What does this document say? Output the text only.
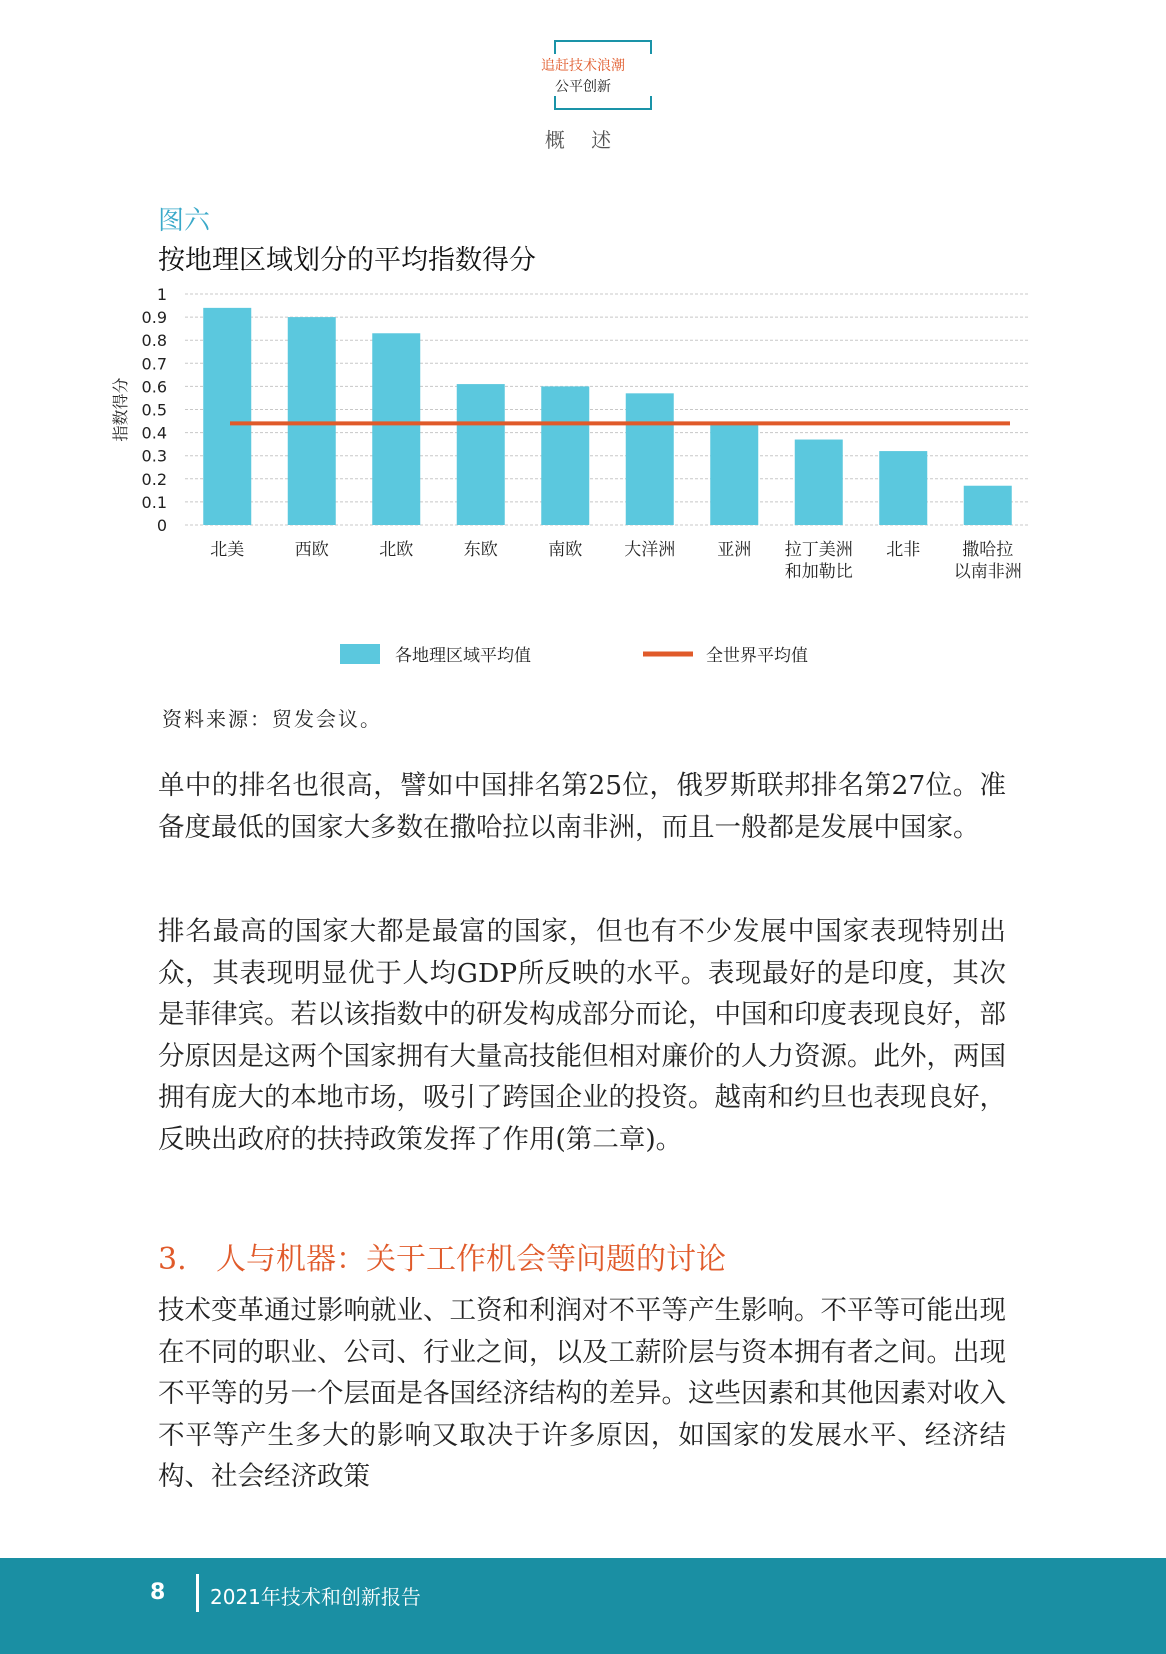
追赶技术浪潮
公平创新
概 述
图六
按地理区域划分的平均指数得分
0
0.1
0.2
0.3
0.4
0.5
0.6
0.7
0.8
0.9
1
指数得分
北美	西欧	北欧	东欧	南欧 大洋洲 亚洲 拉丁美洲
和加勒比
北非 撒哈拉
以南非洲
各地理区域平均值	全世界平均值
资料来源：贸发会议。
单中的排名也很高，譬如中国排名第25位，俄罗斯联邦排名第27位。准备度最低的国家大多数在撒哈拉以南非洲，而且一般都是发展中国家。
排名最高的国家大都是最富的国家，但也有不少发展中国家表现特别出众，其表现明显优于人均GDP所反映的水平。表现最好的是印度，其次是菲律宾。若以该指数中的研发构成部分而论，中国和印度表现良好，部分原因是这两个国家拥有大量高技能但相对廉价的人力资源。此外，两国拥有庞大的本地市场，吸引了跨国企业的投资。越南和约旦也表现良好，反映出政府的扶持政策发挥了作用(第二章)。
3. 人与机器：关于工作机会等问题的讨论
技术变革通过影响就业、工资和利润对不平等产生影响。不平等可能出现在不同的职业、公司、行业之间，以及工薪阶层与资本拥有者之间。出现不平等的另一个层面是各国经济结构的差异。这些因素和其他因素对收入不平等产生多大的影响又取决于许多原因，如国家的发展水平、经济结构、社会经济政策
8 2021年技术和创新报告
